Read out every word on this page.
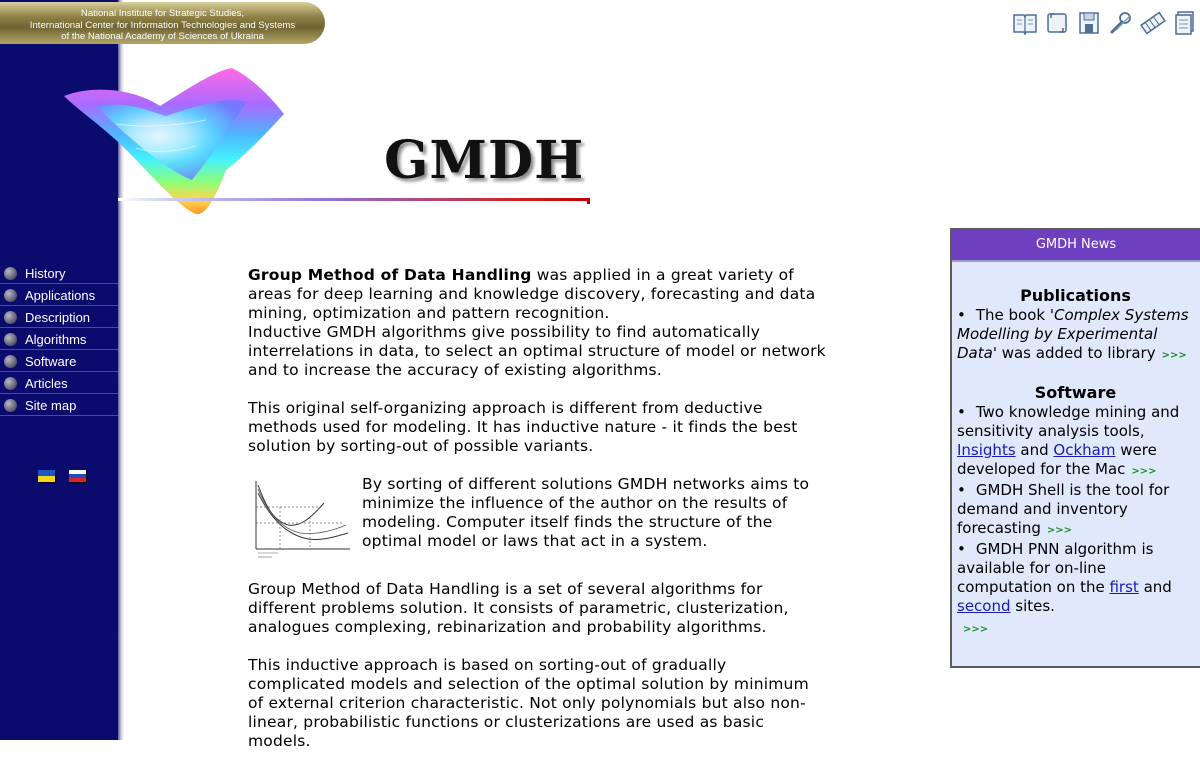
National Institute for Strategic Studies,
International Center for Information Technologies and Systems
of the National Academy of Sciences of Ukraina
GMDH
History
Applications
Description
Algorithms
Software
Articles
Site map

Group Method of Data Handling was applied in a great variety of areas for deep learning and knowledge discovery, forecasting and data mining, optimization and pattern recognition.
Inductive GMDH algorithms give possibility to find automatically interrelations in data, to select an optimal structure of model or network and to increase the accuracy of existing algorithms.

This original self-organizing approach is different from deductive methods used for modeling. It has inductive nature - it finds the best solution by sorting-out of possible variants.

By sorting of different solutions GMDH networks aims to minimize the influence of the author on the results of modeling. Computer itself finds the structure of the optimal model or laws that act in a system.

Group Method of Data Handling is a set of several algorithms for different problems solution. It consists of parametric, clusterization, analogues complexing, rebinarization and probability algorithms.

This inductive approach is based on sorting-out of gradually complicated models and selection of the optimal solution by minimum of external criterion characteristic. Not only polynomials but also non-linear, probabilistic functions or clusterizations are used as basic models.

GMDH News
Publications

• The book 'Complex Systems Modelling by Experimental Data' was added to library >>>

Software

• Two knowledge mining and sensitivity analysis tools, Insights and Ockham were developed for the Mac >>>

• GMDH Shell is the tool for demand and inventory forecasting >>>

• GMDH PNN algorithm is available for on-line computation on the first and second sites.

>>>
